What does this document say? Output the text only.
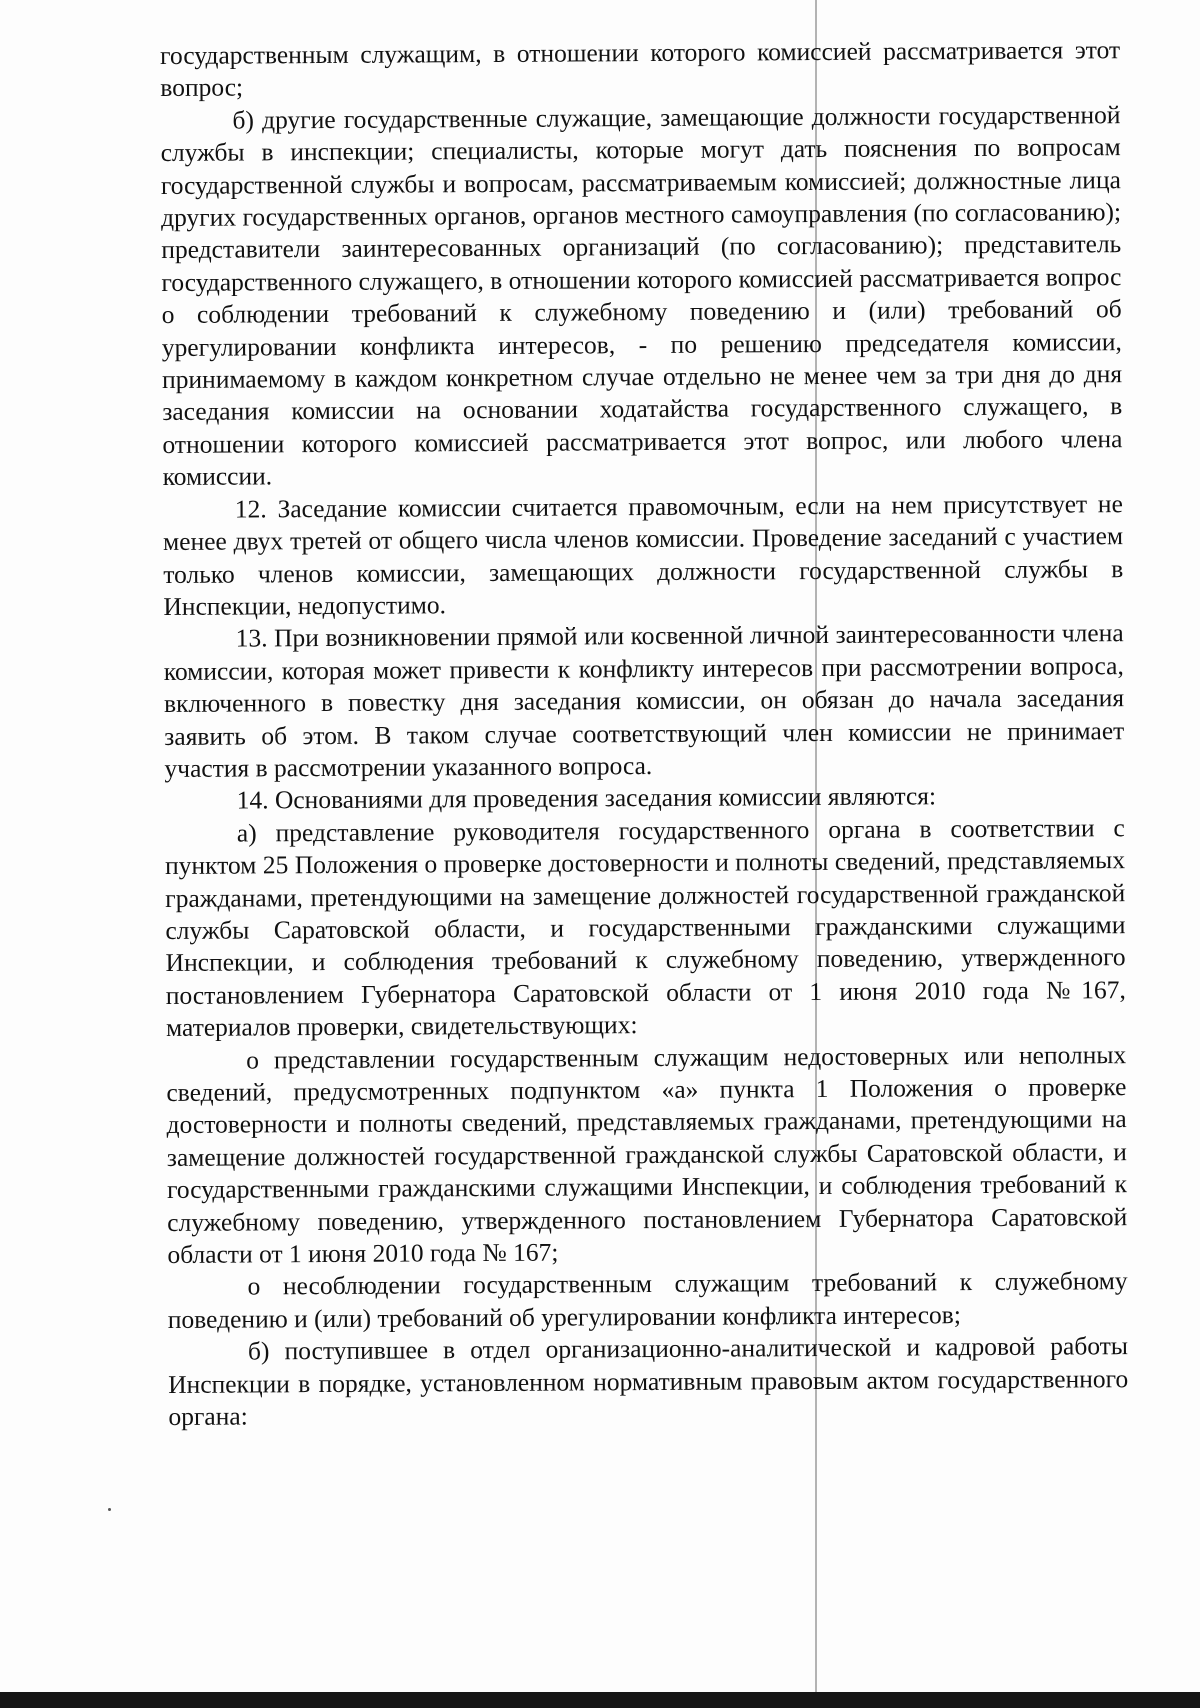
государственным служащим, в отношении которого комиссией рассматривается этот вопрос;

б) другие государственные служащие, замещающие должности государственной службы в инспекции; специалисты, которые могут дать пояснения по вопросам государственной службы и вопросам, рассматриваемым комиссией; должностные лица других государственных органов, органов местного самоуправления (по согласованию); представители заинтересованных организаций (по согласованию); представитель государственного служащего, в отношении которого комиссией рассматривается вопрос о соблюдении требований к служебному поведению и (или) требований об урегулировании конфликта интересов, - по решению председателя комиссии, принимаемому в каждом конкретном случае отдельно не менее чем за три дня до дня заседания комиссии на основании ходатайства государственного служащего, в отношении которого комиссией рассматривается этот вопрос, или любого члена комиссии.

12. Заседание комиссии считается правомочным, если на нем присутствует не менее двух третей от общего числа членов комиссии. Проведение заседаний с участием только членов комиссии, замещающих должности государственной службы в Инспекции, недопустимо.

13. При возникновении прямой или косвенной личной заинтересованности члена комиссии, которая может привести к конфликту интересов при рассмотрении вопроса, включенного в повестку дня заседания комиссии, он обязан до начала заседания заявить об этом. В таком случае соответствующий член комиссии не принимает участия в рассмотрении указанного вопроса.

14. Основаниями для проведения заседания комиссии являются:

а) представление руководителя государственного органа в соответствии с пунктом 25 Положения о проверке достоверности и полноты сведений, представляемых гражданами, претендующими на замещение должностей государственной гражданской службы Саратовской области, и государственными гражданскими служащими Инспекции, и соблюдения требований к служебному поведению, утвержденного постановлением Губернатора Саратовской области от 1 июня 2010 года №167, материалов проверки, свидетельствующих:

о представлении государственным служащим недостоверных или неполных сведений, предусмотренных подпунктом «а» пункта 1 Положения о проверке достоверности и полноты сведений, представляемых гражданами, претендующими на замещение должностей государственной гражданской службы Саратовской области, и государственными гражданскими служащими Инспекции, и соблюдения требований к служебному поведению, утвержденного постановлением Губернатора Саратовской области от 1 июня 2010 года № 167;

о несоблюдении государственным служащим требований к служебному поведению и (или) требований об урегулировании конфликта интересов;

б) поступившее в отдел организационно-аналитической и кадровой работы Инспекции в порядке, установленном нормативным правовым актом государственного органа:
